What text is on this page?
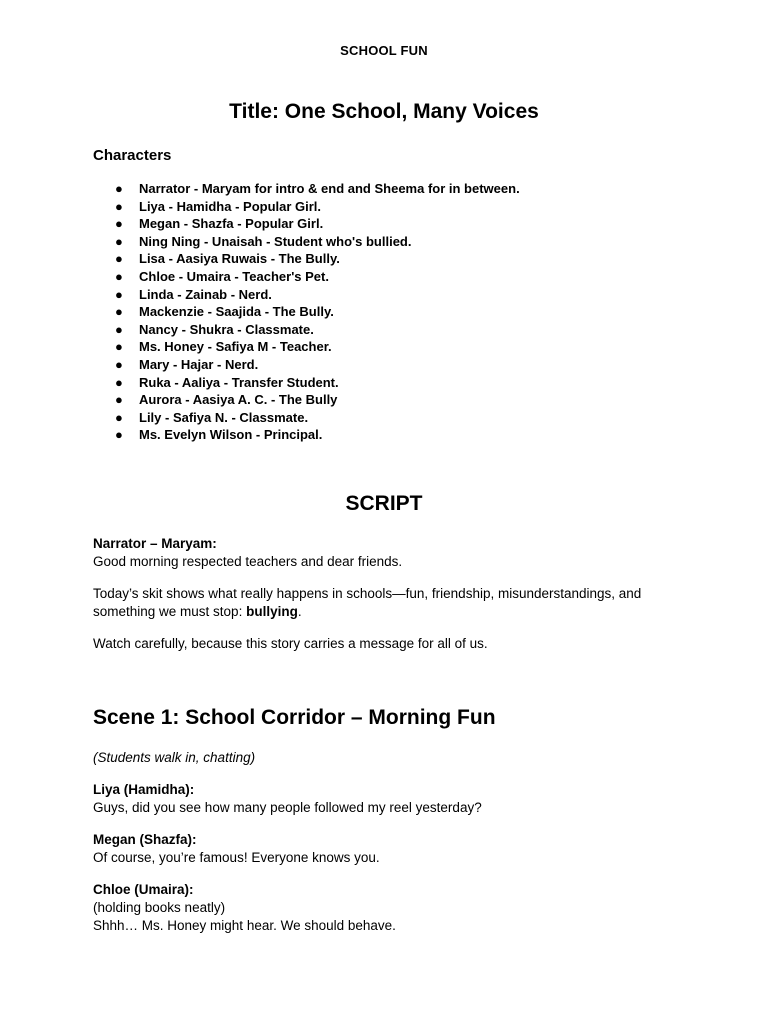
SCHOOL FUN
Title: One School, Many Voices
Characters
● Narrator - Maryam for intro & end and Sheema for in between.
● Liya - Hamidha - Popular Girl.
● Megan - Shazfa - Popular Girl.
● Ning Ning - Unaisah - Student who's bullied.
● Lisa - Aasiya Ruwais - The Bully.
● Chloe - Umaira - Teacher's Pet.
● Linda - Zainab - Nerd.
● Mackenzie - Saajida - The Bully.
● Nancy - Shukra - Classmate.
● Ms. Honey - Safiya M - Teacher.
● Mary - Hajar - Nerd.
● Ruka - Aaliya - Transfer Student.
● Aurora - Aasiya A. C. - The Bully
● Lily - Safiya N. - Classmate.
● Ms. Evelyn Wilson - Principal.
SCRIPT
Narrator – Maryam:
Good morning respected teachers and dear friends.
Today’s skit shows what really happens in schools—fun, friendship, misunderstandings, and something we must stop: bullying.
Watch carefully, because this story carries a message for all of us.
Scene 1: School Corridor – Morning Fun
(Students walk in, chatting)
Liya (Hamidha):
Guys, did you see how many people followed my reel yesterday?
Megan (Shazfa):
Of course, you’re famous! Everyone knows you.
Chloe (Umaira):
(holding books neatly)
Shhh… Ms. Honey might hear. We should behave.
